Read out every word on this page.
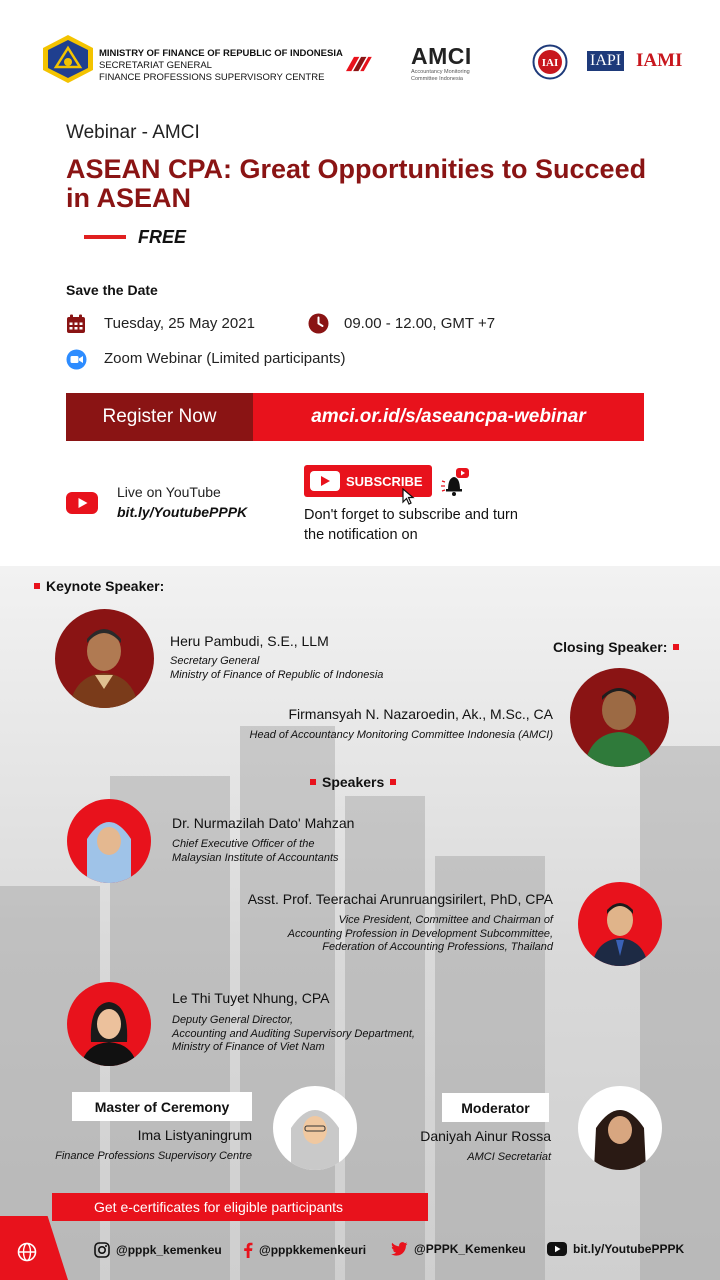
MINISTRY OF FINANCE OF REPUBLIC OF INDONESIA
SECRETARIAT GENERAL
FINANCE PROFESSIONS SUPERVISORY CENTRE
AMCI
Accountancy Monitoring
Committee Indonesia
IAI IAPI IAMI
Webinar - AMCI
ASEAN CPA: Great Opportunities to Succeed in ASEAN
FREE
Save the Date
Tuesday, 25 May 2021	09.00 - 12.00, GMT +7
Zoom Webinar (Limited participants)
Register Now	amci.or.id/s/aseancpa-webinar
Live on YouTube
bit.ly/YoutubePPPK
SUBSCRIBE
Don't forget to subscribe and turn the notification on
Keynote Speaker:
Heru Pambudi, S.E., LLM
Secretary General
Ministry of Finance of Republic of Indonesia
Closing Speaker:
Firmansyah N. Nazaroedin, Ak., M.Sc., CA
Head of Accountancy Monitoring Committee Indonesia (AMCI)
Speakers
Dr. Nurmazilah Dato' Mahzan
Chief Executive Officer of the
Malaysian Institute of Accountants
Asst. Prof. Teerachai Arunruangsirilert, PhD, CPA
Vice President, Committee and Chairman of
Accounting Profession in Development Subcommittee,
Federation of Accounting Professions, Thailand
Le Thi Tuyet Nhung, CPA
Deputy General Director,
Accounting and Auditing Supervisory Department,
Ministry of Finance of Viet Nam
Master of Ceremony
Ima Listyaningrum
Finance Professions Supervisory Centre
Moderator
Daniyah Ainur Rossa
AMCI Secretariat
Get e-certificates for eligible participants
@pppk_kemenkeu	@pppkkemenkeuri	@PPPK_Kemenkeu	bit.ly/YoutubePPPK
